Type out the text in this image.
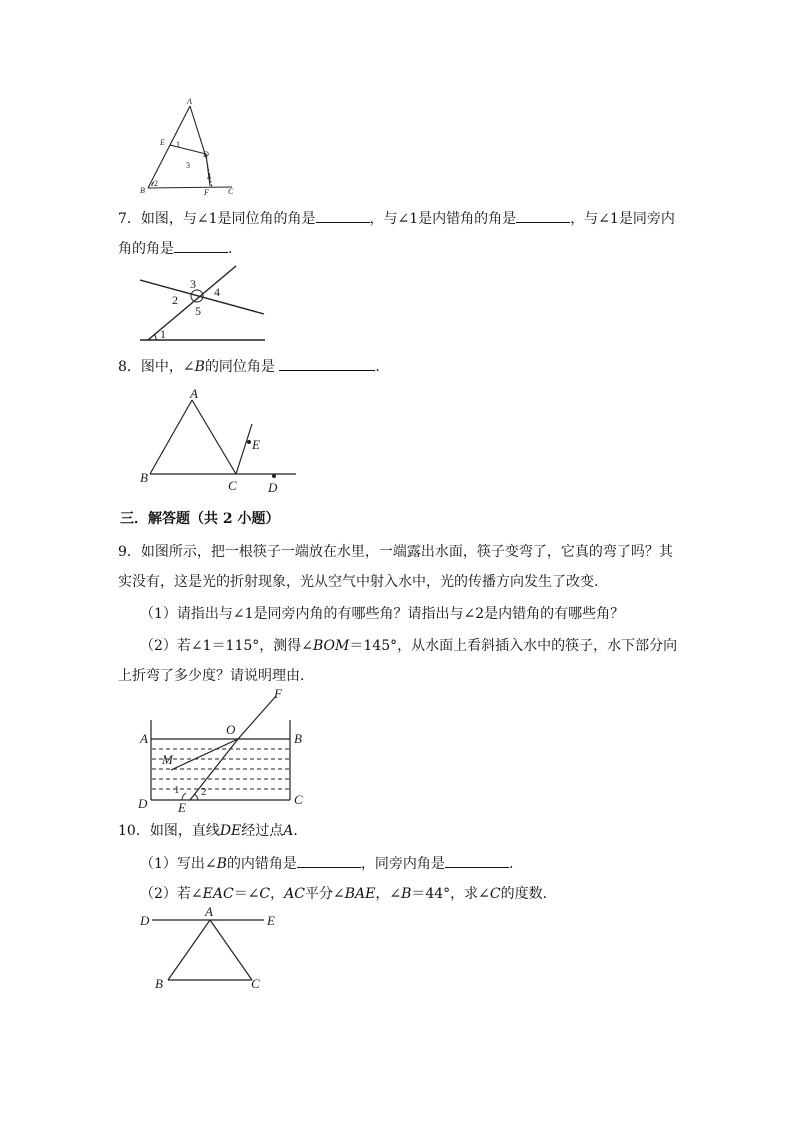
A
E
D
B	F C
1
2
3
4
7．如图，与∠1是同位角的角是	，与∠1是内错角的角是	，与∠1是同旁内
角的角是	.
1
2
3
4
5
8．图中，∠B的同位角是	.
A
B
C D
E
三．解答题（共 2 小题）
9．如图所示，把一根筷子一端放在水里，一端露出水面，筷子变弯了，它真的弯了吗？其
实没有，这是光的折射现象，光从空气中射入水中，光的传播方向发生了改变.
（1）请指出与∠1是同旁内角的有哪些角？请指出与∠2是内错角的有哪些角？
（2）若∠1＝115°，测得∠BOM＝145°，从水面上看斜插入水中的筷子，水下部分向
上折弯了多少度？请说明理由.
A	B
C
D E
F
M
O
1 2
10．如图，直线DE经过点A.
（1）写出∠B的内错角是	，同旁内角是	.
（2）若∠EAC＝∠C，AC平分∠BAE，∠B＝44°，求∠C的度数.
A
B	C
D	E
